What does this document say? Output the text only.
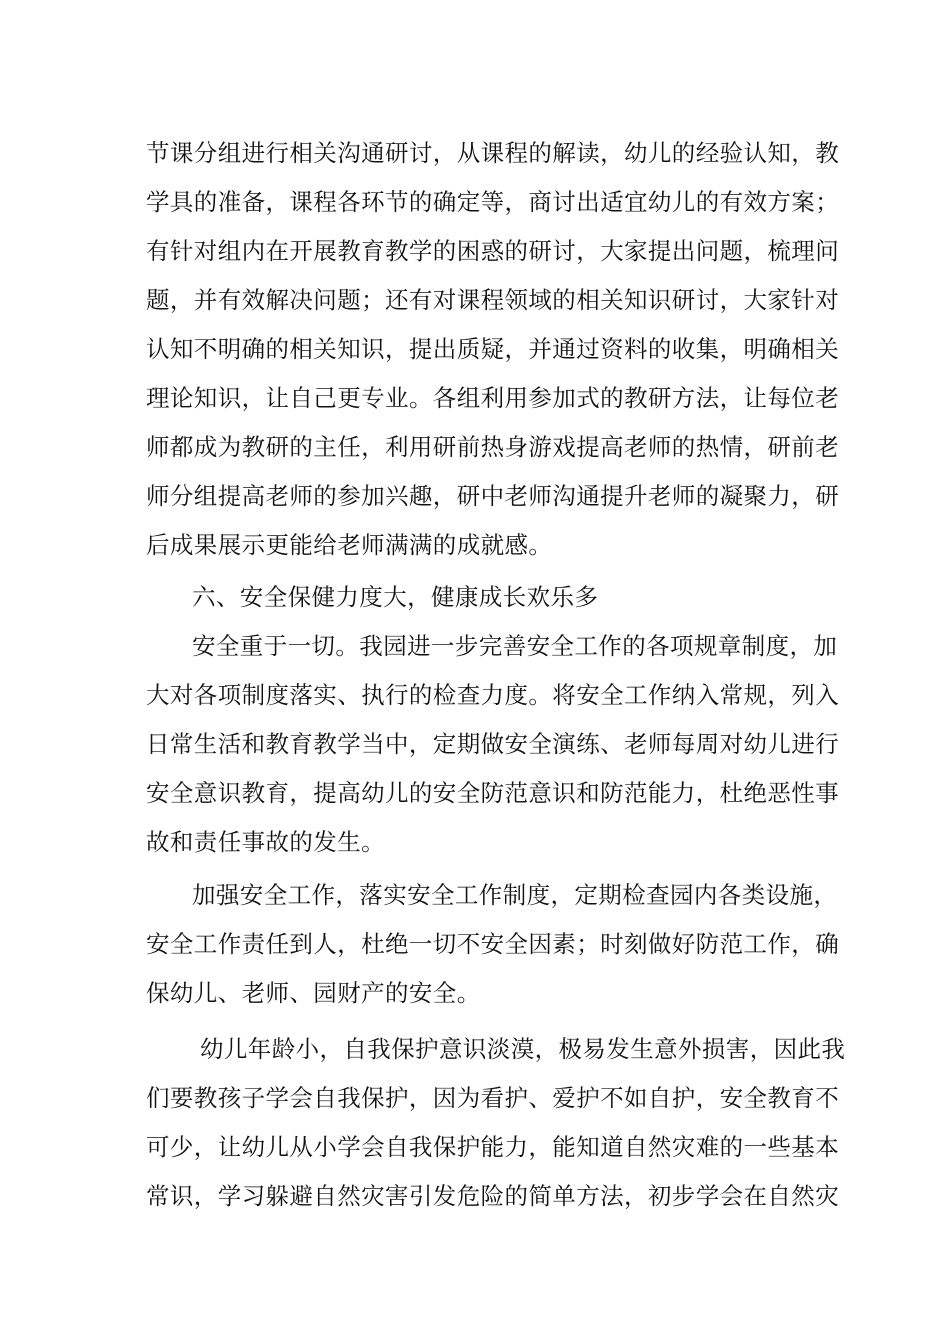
节课分组进行相关沟通研讨，从课程的解读，幼儿的经验认知，教
学具的准备，课程各环节的确定等，商讨出适宜幼儿的有效方案；
有针对组内在开展教育教学的困惑的研讨，大家提出问题，梳理问
题，并有效解决问题；还有对课程领域的相关知识研讨，大家针对
认知不明确的相关知识，提出质疑，并通过资料的收集，明确相关
理论知识，让自己更专业。各组利用参加式的教研方法，让每位老
师都成为教研的主任，利用研前热身游戏提高老师的热情，研前老
师分组提高老师的参加兴趣，研中老师沟通提升老师的凝聚力，研
后成果展示更能给老师满满的成就感。
六、安全保健力度大，健康成长欢乐多
安全重于一切。我园进一步完善安全工作的各项规章制度，加
大对各项制度落实、执行的检查力度。将安全工作纳入常规，列入
日常生活和教育教学当中，定期做安全演练、老师每周对幼儿进行
安全意识教育，提高幼儿的安全防范意识和防范能力，杜绝恶性事
故和责任事故的发生。
加强安全工作，落实安全工作制度，定期检查园内各类设施，
安全工作责任到人，杜绝一切不安全因素；时刻做好防范工作，确
保幼儿、老师、园财产的安全。
幼儿年龄小，自我保护意识淡漠，极易发生意外损害，因此我
们要教孩子学会自我保护，因为看护、爱护不如自护，安全教育不
可少，让幼儿从小学会自我保护能力，能知道自然灾难的一些基本
常识，学习躲避自然灾害引发危险的简单方法，初步学会在自然灾
